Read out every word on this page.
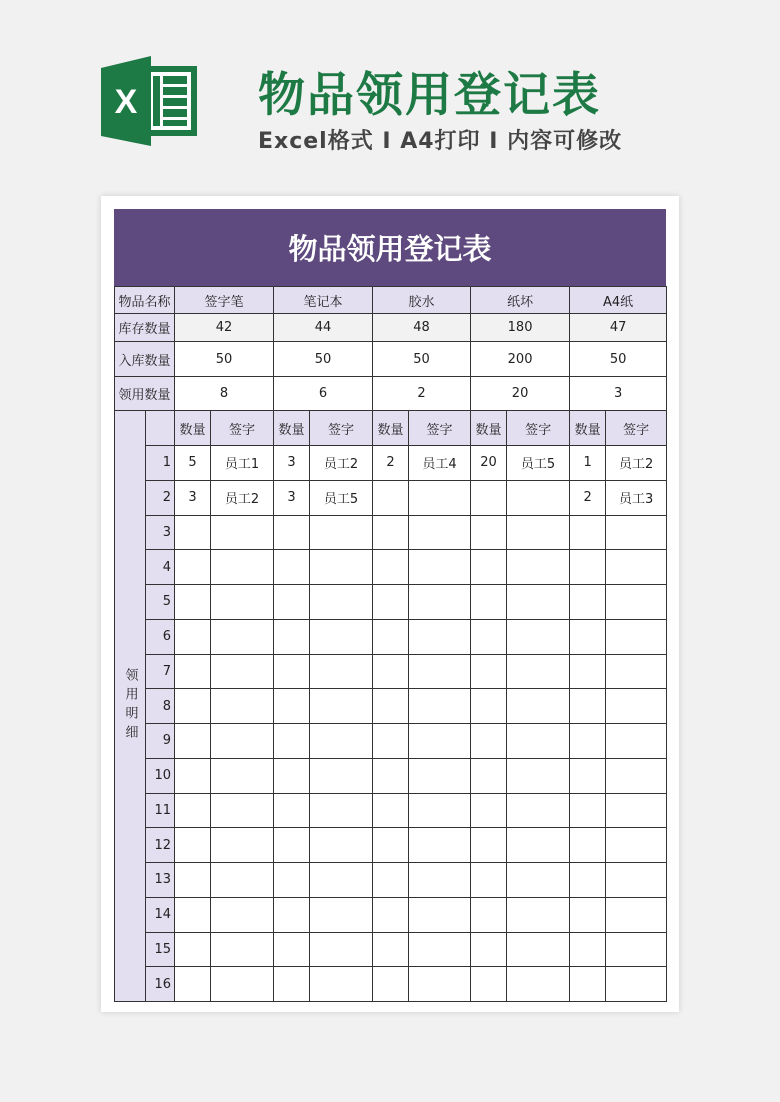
X	物品领用登记表
Excel格式 I A4打印 I 内容可修改
物品领用登记表
物品名称		签字笔		笔记本		胶水		纸坏		A4纸	
库存数量		42		44		48		180		47	
入库数量		50		50		50		200		50	
领用数量		8		6		2		20		3	
领用明细		数量	签字	数量	签字	数量	签字	数量	签字	数量	签字
	1	5	员工1	3	员工2	2	员工4	20	员工5	1	员工2
	2	3	员工2	3	员工5					2	员工3
	3										
	4										
	5										
	6										
	7										
	8										
	9										
	10										
	11										
	12										
	13										
	14										
	15										
	16										
